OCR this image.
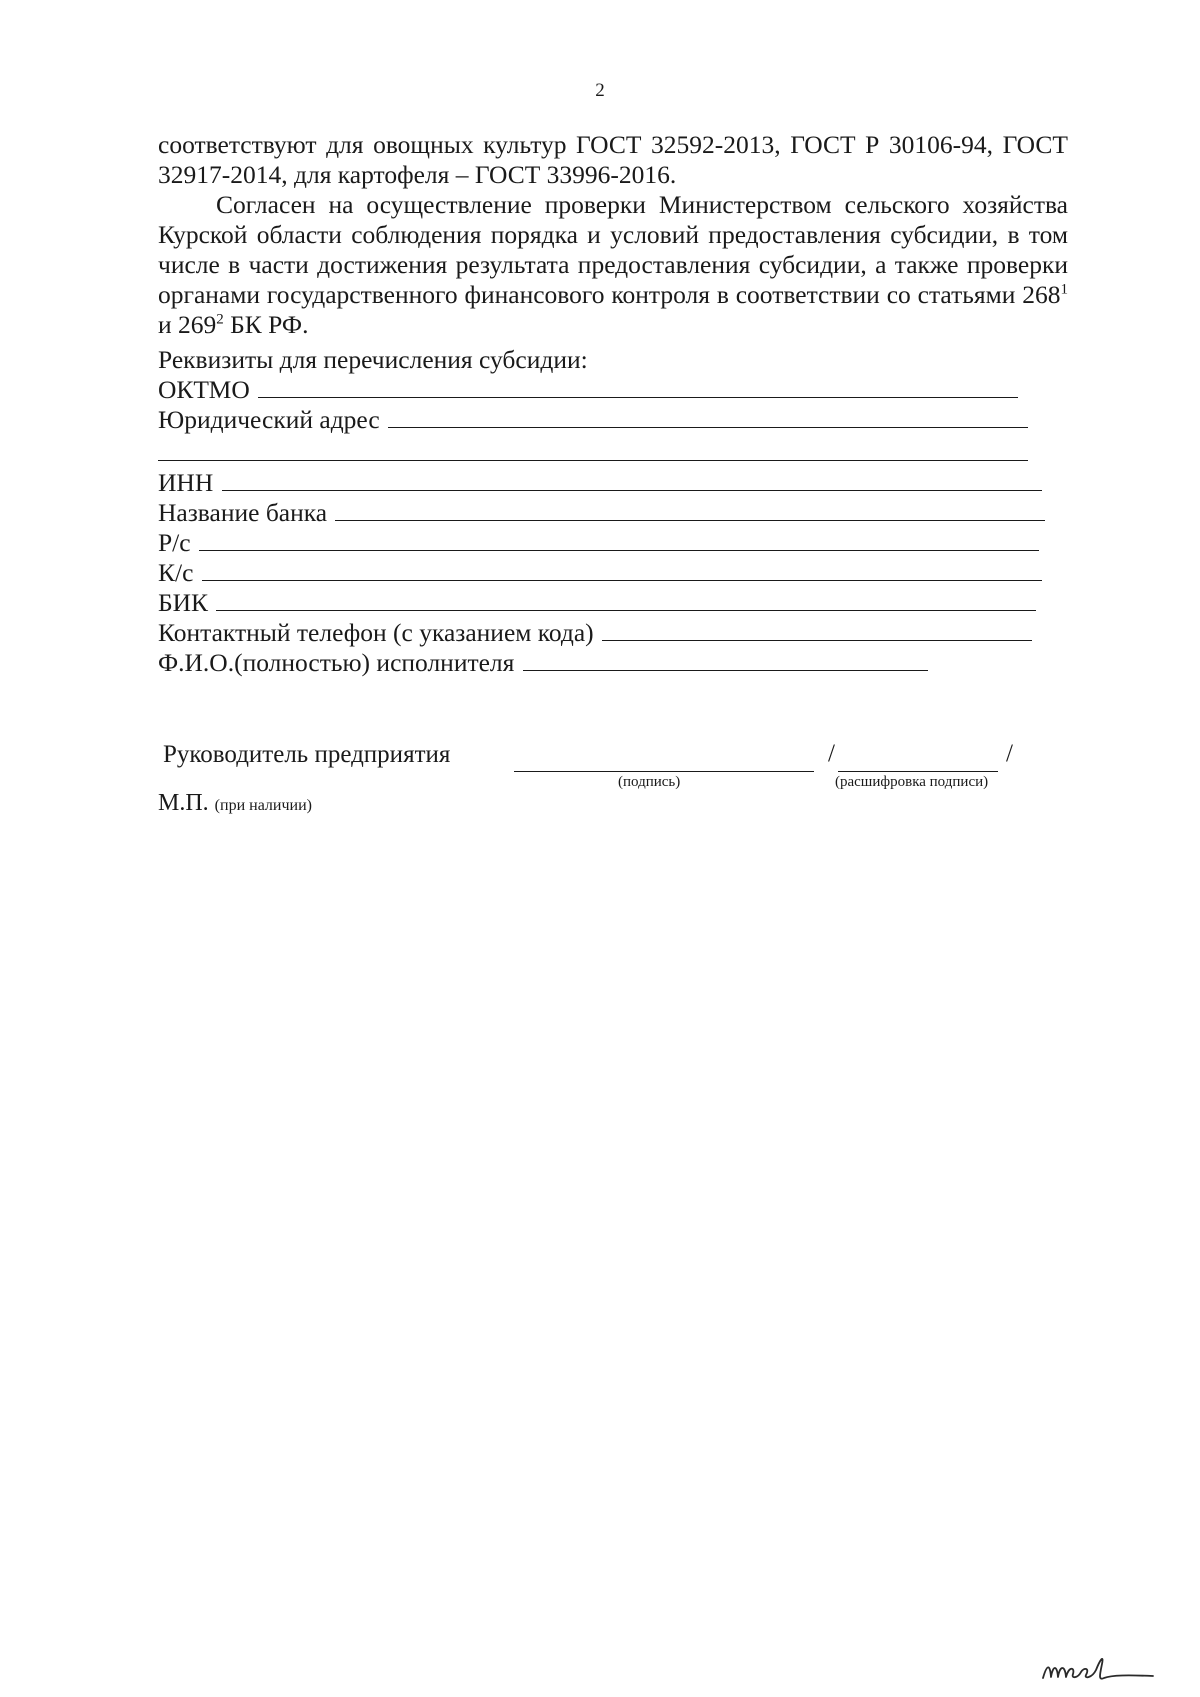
2
соответствуют для овощных культур ГОСТ 32592-2013, ГОСТ Р 30106-94, ГОСТ 32917-2014, для картофеля – ГОСТ 33996-2016.
Согласен на осуществление проверки Министерством сельского хозяйства Курской области соблюдения порядка и условий предоставления субсидии, в том числе в части достижения результата предоставления субсидии, а также проверки органами государственного финансового контроля в соответствии со статьями $268^1$ и $269^2$ БК РФ.
Реквизиты для перечисления субсидии:
ОКТМО
Юридический адрес
ИНН
Название банка
Р/с
К/с
БИК
Контактный телефон (с указанием кода)
Ф.И.О.(полностью) исполнителя
Руководитель предприятия	/	/
(подпись)	(расшифровка подписи)
М.П. (при наличии)
